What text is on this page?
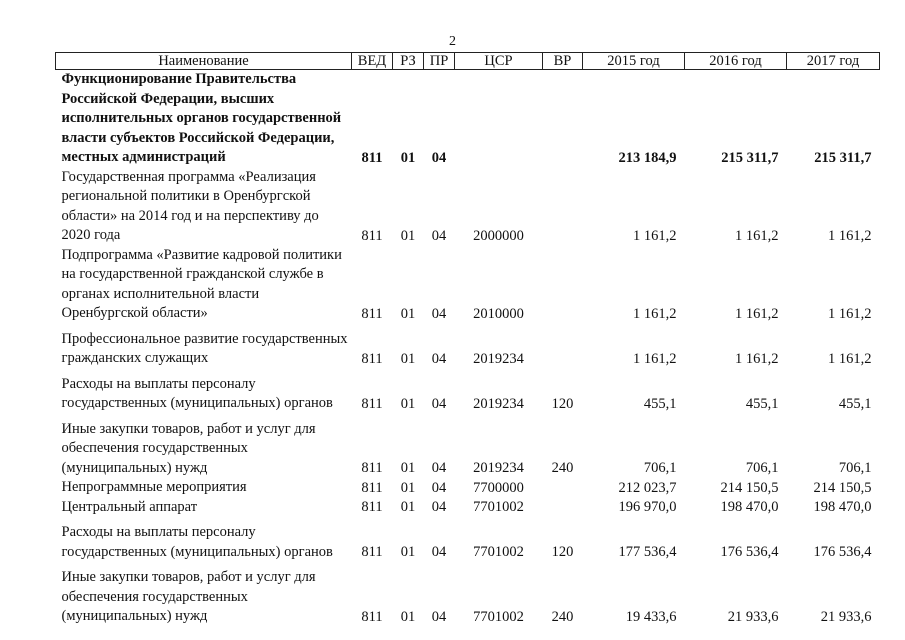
2
Наименование	ВЕД	РЗ	ПР	ЦСР	ВР	2015 год	2016 год	2017 год
Функционирование Правительства Российской Федерации, высших исполнительных органов государственной власти субъектов Российской Федерации, местных администраций	811	01	04			213 184,9	215 311,7	215 311,7
Государственная программа «Реализация региональной политики в Оренбургской области» на 2014 год и на перспективу до 2020 года	811	01	04	2000000		1 161,2	1 161,2	1 161,2
Подпрограмма «Развитие кадровой политики на государственной гражданской службе в органах исполнительной власти Оренбургской области»	811	01	04	2010000		1 161,2	1 161,2	1 161,2
Профессиональное развитие государственных гражданских служащих	811	01	04	2019234		1 161,2	1 161,2	1 161,2
Расходы на выплаты персоналу государственных (муниципальных) органов	811	01	04	2019234	120	455,1	455,1	455,1
Иные закупки товаров, работ и услуг для обеспечения государственных (муниципальных) нужд	811	01	04	2019234	240	706,1	706,1	706,1
Непрограммные мероприятия	811	01	04	7700000		212 023,7	214 150,5	214 150,5
Центральный аппарат	811	01	04	7701002		196 970,0	198 470,0	198 470,0
Расходы на выплаты персоналу государственных (муниципальных) органов	811	01	04	7701002	120	177 536,4	176 536,4	176 536,4
Иные закупки товаров, работ и услуг для обеспечения государственных (муниципальных) нужд	811	01	04	7701002	240	19 433,6	21 933,6	21 933,6
